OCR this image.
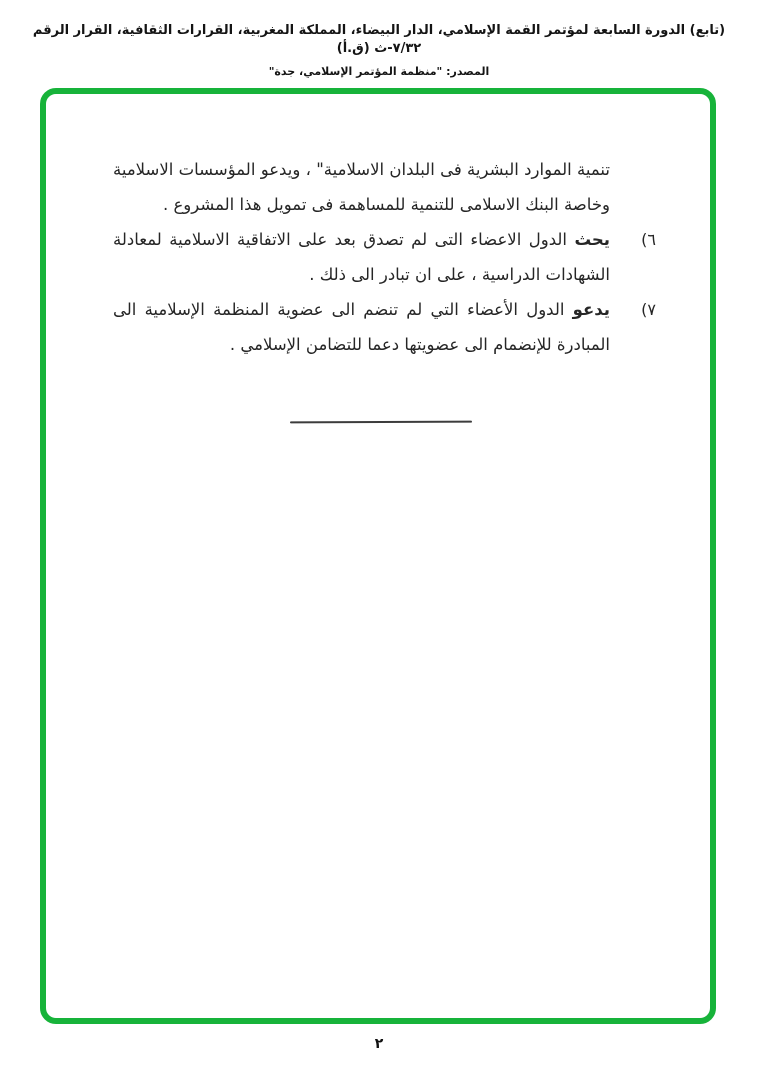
(تابع) الدورة السابعة لمؤتمر القمة الإسلامي، الدار البيضاء، المملكة المغربية، القرارات الثقافية، القرار الرقم ٧/٣٢-ث (ق.أ)
المصدر: "منظمة المؤتمر الإسلامي، جدة"

تنمية الموارد البشرية فى البلدان الاسلامية" ، ويدعو المؤسسات الاسلامية وخاصة البنك الاسلامى للتنمية للمساهمة فى تمويل هذا المشروع .

٦)
يحث الدول الاعضاء التى لم تصدق بعد على الاتفاقية الاسلامية لمعادلة الشهادات الدراسية ، على ان تبادر الى ذلك .
٧)
يدعو الدول الأعضاء التي لم تنضم الى عضوية المنظمة الإسلامية الى المبادرة للإنضمام الى عضويتها دعما للتضامن الإسلامي .
٢
